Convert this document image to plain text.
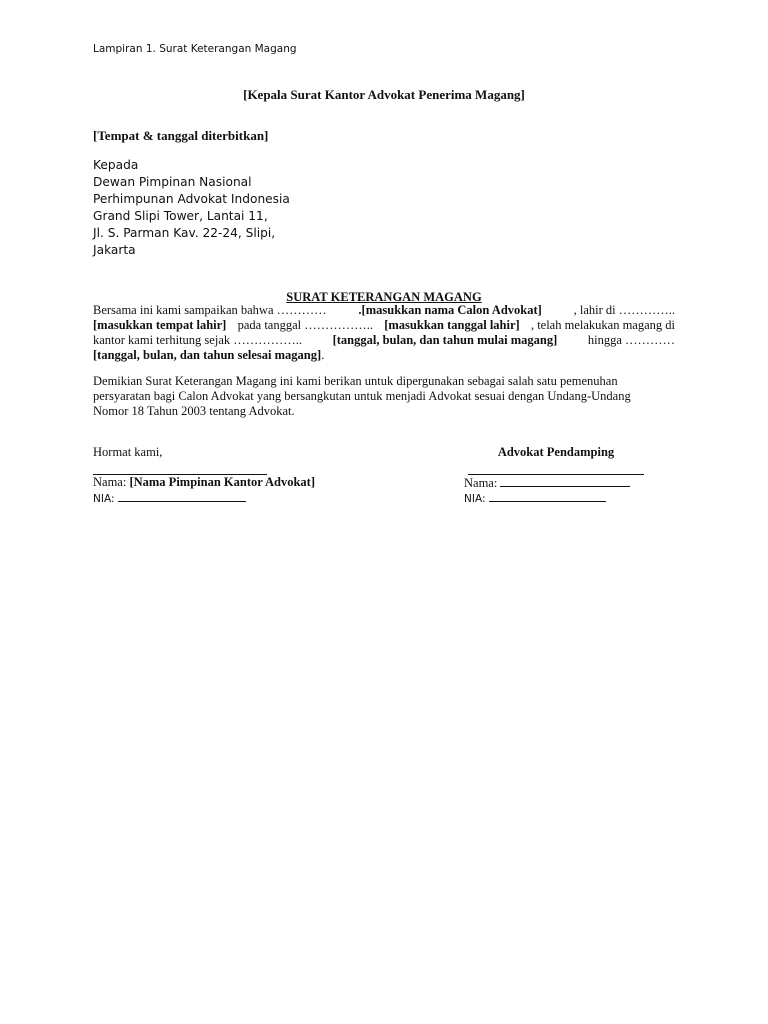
Lampiran 1. Surat Keterangan Magang
[Kepala Surat Kantor Advokat Penerima Magang]
[Tempat & tanggal diterbitkan]
Kepada
Dewan Pimpinan Nasional
Perhimpunan Advokat Indonesia
Grand Slipi Tower, Lantai 11,
Jl. S. Parman Kav. 22-24, Slipi,
Jakarta
SURAT KETERANGAN MAGANG
Bersama ini kami sampaikan bahwa …………	.[masukkan nama Calon Advokat]	, lahir di …………..
[masukkan tempat lahir] pada tanggal …………….. [masukkan tanggal lahir] , telah melakukan magang di
kantor kami terhitung sejak …………….. [tanggal, bulan, dan tahun mulai magang] hingga …………
[tanggal, bulan, dan tahun selesai magang] .
Demikian Surat Keterangan Magang ini kami berikan untuk dipergunakan sebagai salah satu pemenuhan
persyaratan bagi Calon Advokat yang bersangkutan untuk menjadi Advokat sesuai dengan Undang-Undang
Nomor 18 Tahun 2003 tentang Advokat.
Hormat kami,
Nama: [Nama Pimpinan Kantor Advokat]
NIA:
Advokat Pendamping
Nama:
NIA:
